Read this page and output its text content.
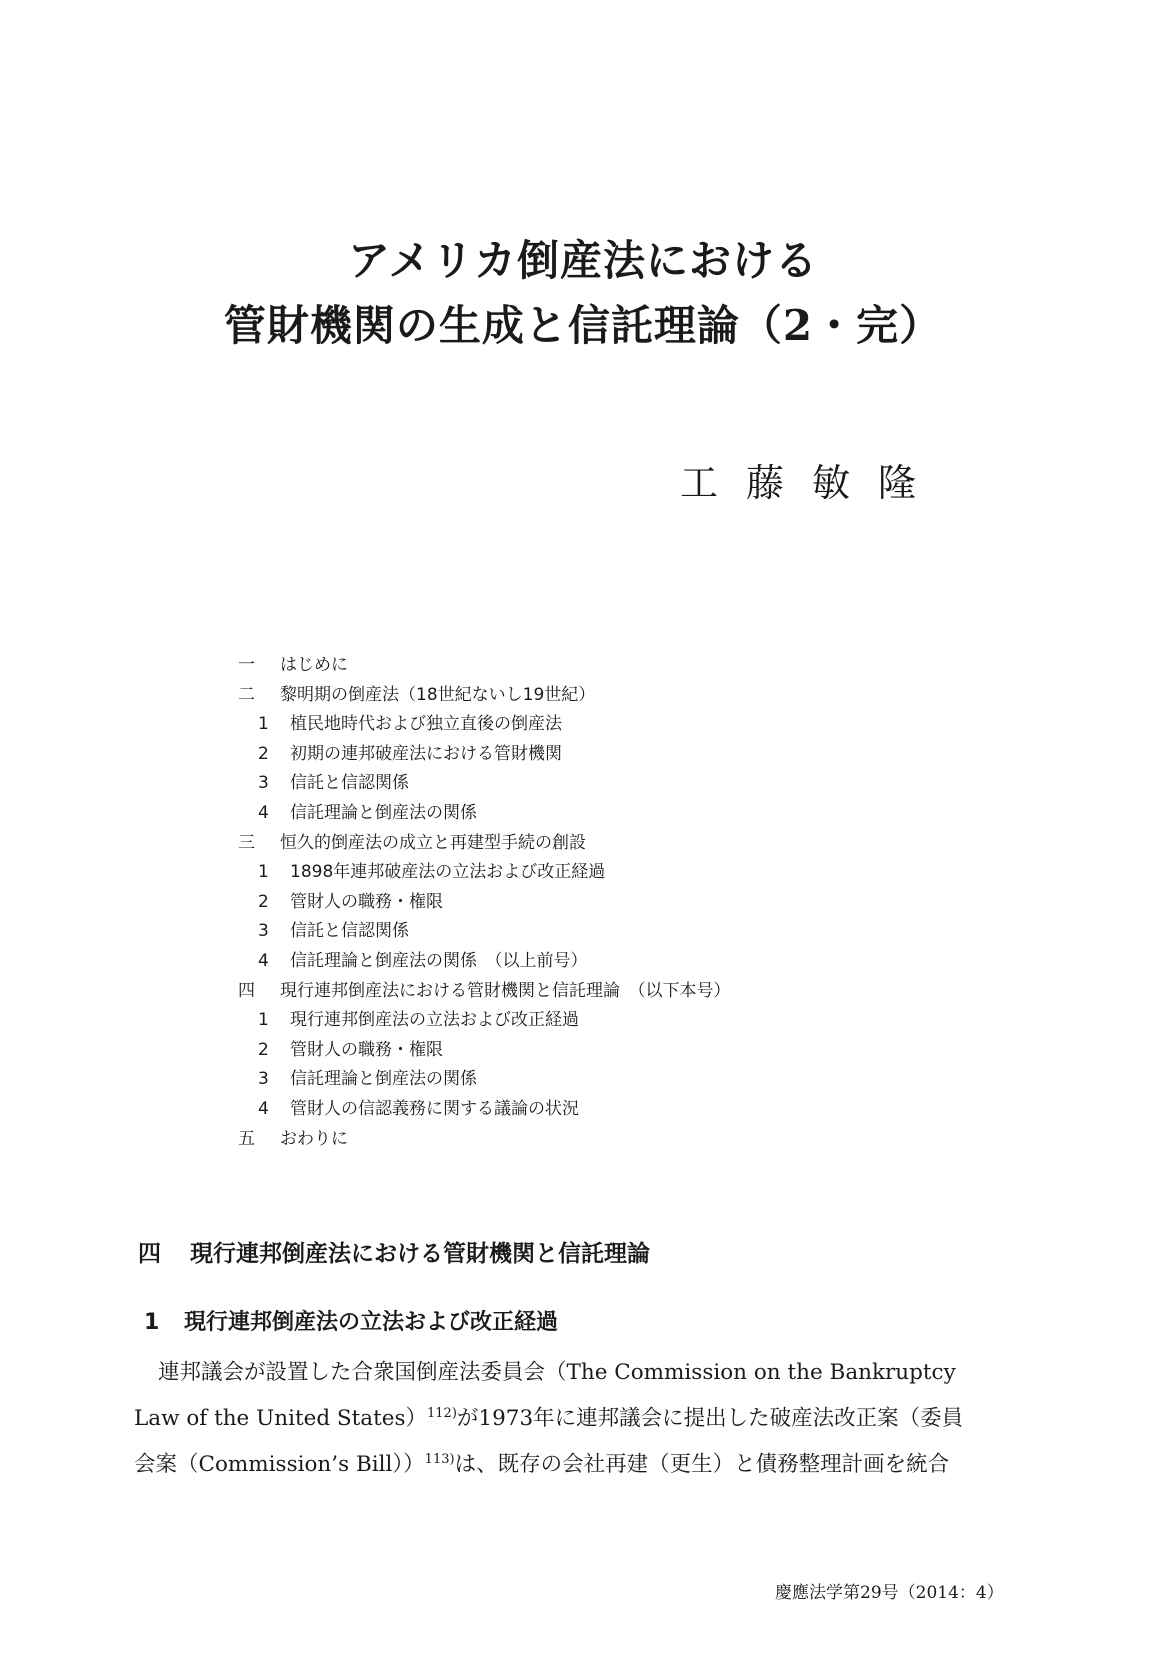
アメリカ倒産法における
管財機関の生成と信託理論（2・完）

工藤敏隆

一 はじめに
二 黎明期の倒産法（18世紀ないし19世紀）
1 植民地時代および独立直後の倒産法
2 初期の連邦破産法における管財機関
3 信託と信認関係
4 信託理論と倒産法の関係
三 恒久的倒産法の成立と再建型手続の創設
1 1898年連邦破産法の立法および改正経過
2 管財人の職務・権限
3 信託と信認関係
4 信託理論と倒産法の関係　（以上前号）
四 現行連邦倒産法における管財機関と信託理論　（以下本号）
1 現行連邦倒産法の立法および改正経過
2 管財人の職務・権限
3 信託理論と倒産法の関係
4 管財人の信認義務に関する議論の状況
五 おわりに
四 現行連邦倒産法における管財機関と信託理論
1 現行連邦倒産法の立法および改正経過
連邦議会が設置した合衆国倒産法委員会（The Commission on the Bankruptcy
Law of the United States）$^{112)}$が1973年に連邦議会に提出した破産法改正案（委員
会案（Commission’s Bill））$^{113)}$は、既存の会社再建（更生）と債務整理計画を統合

慶應法学第29号（2014：4）
